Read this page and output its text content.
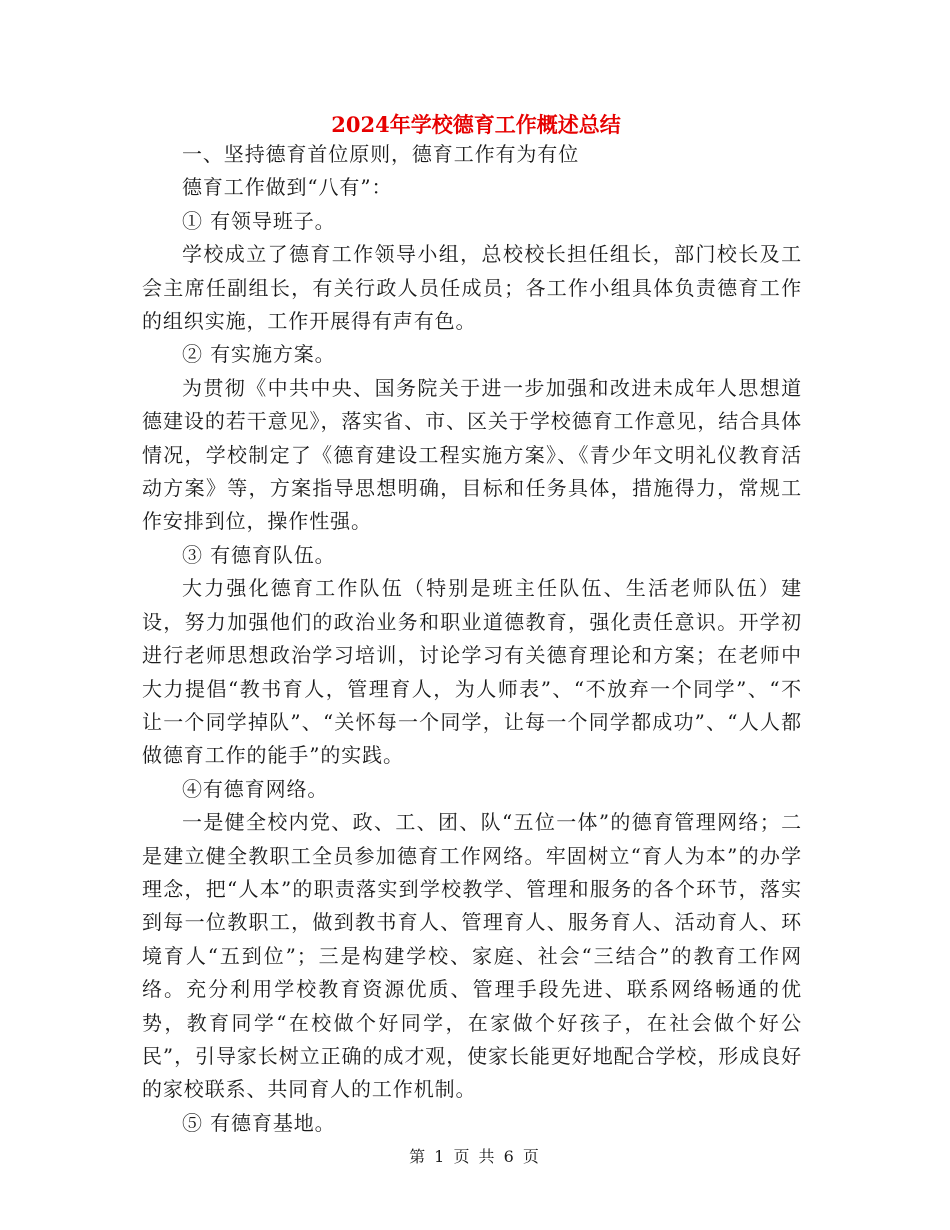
2024年学校德育工作概述总结

一、坚持德育首位原则，德育工作有为有位

德育工作做到“八有”：

① 有领导班子。

学校成立了德育工作领导小组，总校校长担任组长，部门校长及工会主席任副组长，有关行政人员任成员；各工作小组具体负责德育工作的组织实施，工作开展得有声有色。

② 有实施方案。

为贯彻《中共中央、国务院关于进一步加强和改进未成年人思想道德建设的若干意见》，落实省、市、区关于学校德育工作意见，结合具体情况，学校制定了《德育建设工程实施方案》、《青少年文明礼仪教育活动方案》等，方案指导思想明确，目标和任务具体，措施得力，常规工作安排到位，操作性强。

③ 有德育队伍。

大力强化德育工作队伍（特别是班主任队伍、生活老师队伍）建设，努力加强他们的政治业务和职业道德教育，强化责任意识。开学初进行老师思想政治学习培训，讨论学习有关德育理论和方案；在老师中大力提倡“教书育人，管理育人，为人师表”、“不放弃一个同学”、“不让一个同学掉队”、“关怀每一个同学，让每一个同学都成功”、“人人都做德育工作的能手”的实践。

④有德育网络。

一是健全校内党、政、工、团、队“五位一体”的德育管理网络；二是建立健全教职工全员参加德育工作网络。牢固树立“育人为本”的办学理念，把“人本”的职责落实到学校教学、管理和服务的各个环节，落实到每一位教职工，做到教书育人、管理育人、服务育人、活动育人、环境育人“五到位”；三是构建学校、家庭、社会“三结合”的教育工作网络。充分利用学校教育资源优质、管理手段先进、联系网络畅通的优势，教育同学“在校做个好同学，在家做个好孩子，在社会做个好公民”，引导家长树立正确的成才观，使家长能更好地配合学校，形成良好的家校联系、共同育人的工作机制。

⑤ 有德育基地。

第 1 页 共 6 页
